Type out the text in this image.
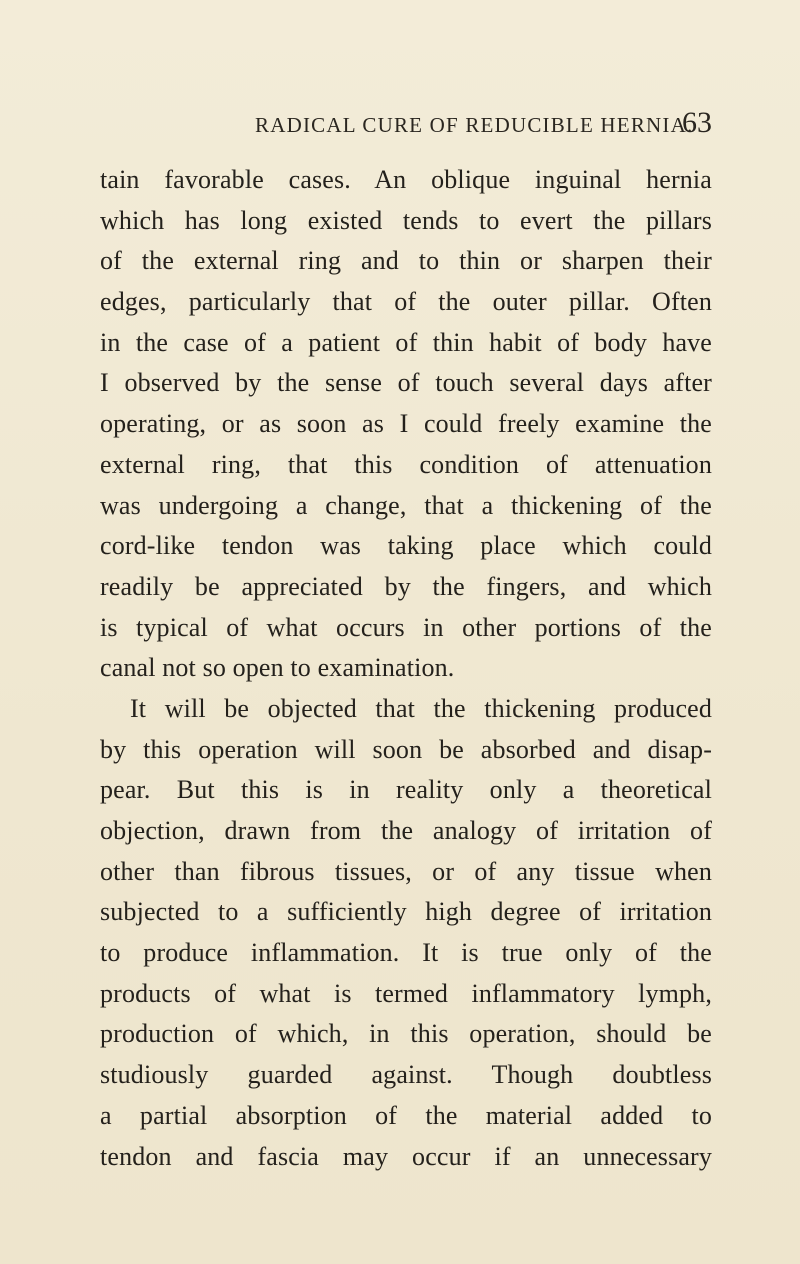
RADICAL CURE OF REDUCIBLE HERNIA.
63
tain favorable cases. An oblique inguinal hernia
which has long existed tends to evert the pillars
of the external ring and to thin or sharpen their
edges, particularly that of the outer pillar. Often
in the case of a patient of thin habit of body have
I observed by the sense of touch several days after
operating, or as soon as I could freely examine the
external ring, that this condition of attenuation
was undergoing a change, that a thickening of the
cord-like tendon was taking place which could
readily be appreciated by the fingers, and which
is typical of what occurs in other portions of the
canal not so open to examination.
It will be objected that the thickening produced
by this operation will soon be absorbed and disap-
pear. But this is in reality only a theoretical
objection, drawn from the analogy of irritation of
other than fibrous tissues, or of any tissue when
subjected to a sufficiently high degree of irritation
to produce inflammation. It is true only of the
products of what is termed inflammatory lymph,
production of which, in this operation, should be
studiously guarded against. Though doubtless
a partial absorption of the material added to
tendon and fascia may occur if an unnecessary
